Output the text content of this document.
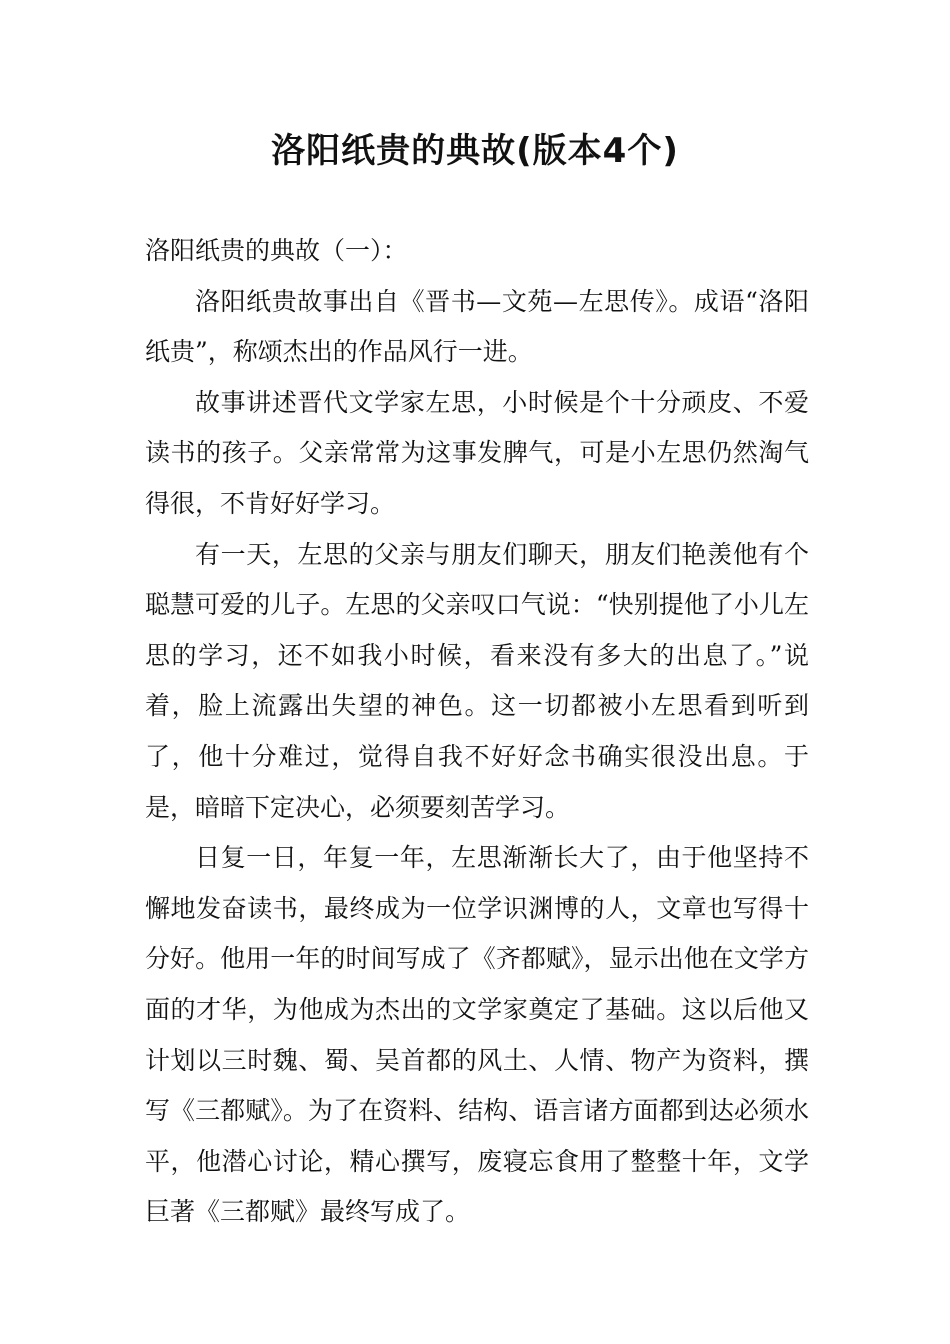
洛阳纸贵的典故(版本4个)

洛阳纸贵的典故（一）：

洛阳纸贵故事出自《晋书—文苑—左思传》。成语“洛阳纸贵”，称颂杰出的作品风行一进。

故事讲述晋代文学家左思，小时候是个十分顽皮、不爱读书的孩子。父亲常常为这事发脾气，可是小左思仍然淘气得很，不肯好好学习。

有一天，左思的父亲与朋友们聊天，朋友们艳羡他有个聪慧可爱的儿子。左思的父亲叹口气说：“快别提他了小儿左思的学习，还不如我小时候，看来没有多大的出息了。”说着，脸上流露出失望的神色。这一切都被小左思看到听到了，他十分难过，觉得自我不好好念书确实很没出息。于是，暗暗下定决心，必须要刻苦学习。

日复一日，年复一年，左思渐渐长大了，由于他坚持不懈地发奋读书，最终成为一位学识渊博的人，文章也写得十分好。他用一年的时间写成了《齐都赋》，显示出他在文学方面的才华，为他成为杰出的文学家奠定了基础。这以后他又计划以三时魏、蜀、吴首都的风土、人情、物产为资料，撰写《三都赋》。为了在资料、结构、语言诸方面都到达必须水平，他潜心讨论，精心撰写，废寝忘食用了整整十年，文学巨著《三都赋》最终写成了。
